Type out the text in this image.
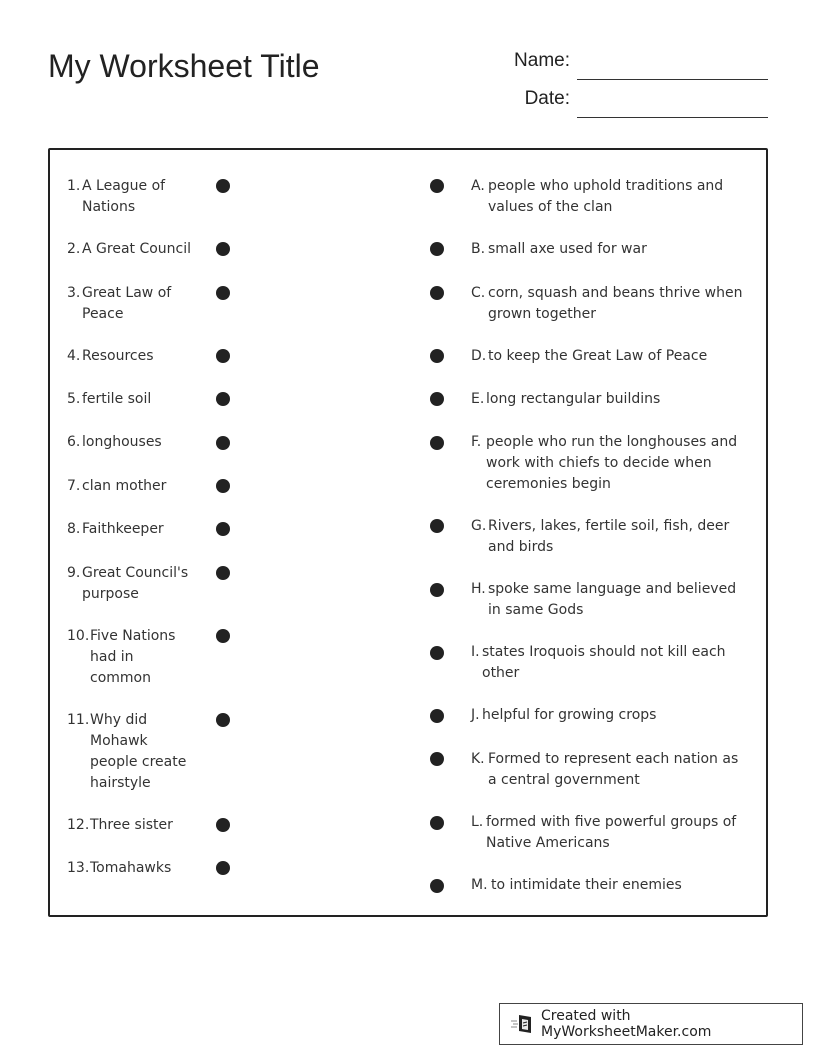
My Worksheet Title	Name:
Date:
1. A League of Nations
2. A Great Council
3. Great Law of Peace
4. Resources
5. fertile soil
6. longhouses
7. clan mother
8. Faithkeeper
9. Great Council's purpose
10. Five Nations had in common
11. Why did Mohawk people create hairstyle
12. Three sister
13. Tomahawks
A. people who uphold traditions and values of the clan
B. small axe used for war
C. corn, squash and beans thrive when grown together
D. to keep the Great Law of Peace
E. long rectangular buildins
F. people who run the longhouses and work with chiefs to decide when ceremonies begin
G. Rivers, lakes, fertile soil, fish, deer and birds
H. spoke same language and believed in same Gods
I. states Iroquois should not kill each other
J. helpful for growing crops
K. Formed to represent each nation as a central government
L. formed with five powerful groups of Native Americans
M. to intimidate their enemies
Created with MyWorksheetMaker.com
